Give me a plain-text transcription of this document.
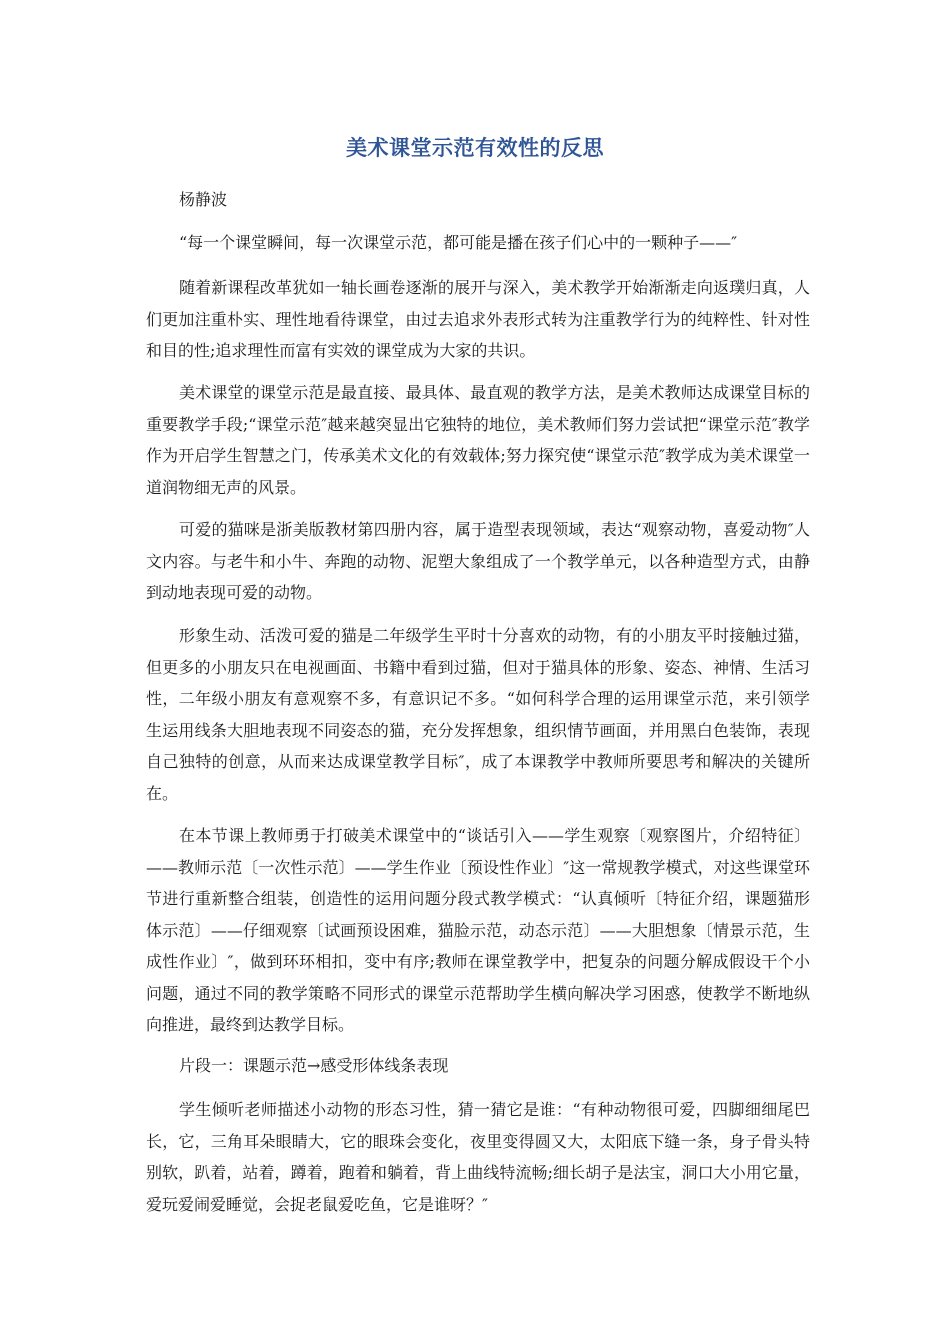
美术课堂示范有效性的反思

杨静波

“每一个课堂瞬间，每一次课堂示范，都可能是播在孩子们心中的一颗种子——″

随着新课程改革犹如一轴长画卷逐渐的展开与深入，美术教学开始渐渐走向返璞归真，人们更加注重朴实、理性地看待课堂，由过去追求外表形式转为注重教学行为的纯粹性、针对性和目的性;追求理性而富有实效的课堂成为大家的共识。

美术课堂的课堂示范是最直接、最具体、最直观的教学方法，是美术教师达成课堂目标的重要教学手段;“课堂示范″越来越突显出它独特的地位，美术教师们努力尝试把“课堂示范″教学作为开启学生智慧之门，传承美术文化的有效载体;努力探究使“课堂示范″教学成为美术课堂一道润物细无声的风景。

可爱的猫咪是浙美版教材第四册内容，属于造型表现领域，表达“观察动物，喜爱动物″人文内容。与老牛和小牛、奔跑的动物、泥塑大象组成了一个教学单元，以各种造型方式，由静到动地表现可爱的动物。

形象生动、活泼可爱的猫是二年级学生平时十分喜欢的动物，有的小朋友平时接触过猫，但更多的小朋友只在电视画面、书籍中看到过猫，但对于猫具体的形象、姿态、神情、生活习性，二年级小朋友有意观察不多，有意识记不多。“如何科学合理的运用课堂示范，来引领学生运用线条大胆地表现不同姿态的猫，充分发挥想象，组织情节画面，并用黑白色装饰，表现自己独特的创意，从而来达成课堂教学目标″，成了本课教学中教师所要思考和解决的关键所在。

在本节课上教师勇于打破美术课堂中的“谈话引入——学生观察〔观察图片，介绍特征〕——教师示范〔一次性示范〕——学生作业〔预设性作业〕″这一常规教学模式，对这些课堂环节进行重新整合组装，创造性的运用问题分段式教学模式：“认真倾听〔特征介绍，课题猫形体示范〕——仔细观察〔试画预设困难，猫脸示范，动态示范〕——大胆想象〔情景示范，生成性作业〕″，做到环环相扣，变中有序;教师在课堂教学中，把复杂的问题分解成假设干个小问题，通过不同的教学策略不同形式的课堂示范帮助学生横向解决学习困惑，使教学不断地纵向推进，最终到达教学目标。

片段一：课题示范→感受形体线条表现

学生倾听老师描述小动物的形态习性，猜一猜它是谁：“有种动物很可爱，四脚细细尾巴长，它，三角耳朵眼睛大，它的眼珠会变化，夜里变得圆又大，太阳底下缝一条，身子骨头特别软，趴着，站着，蹲着，跑着和躺着，背上曲线特流畅;细长胡子是法宝，洞口大小用它量，爱玩爱闹爱睡觉，会捉老鼠爱吃鱼，它是谁呀？″
